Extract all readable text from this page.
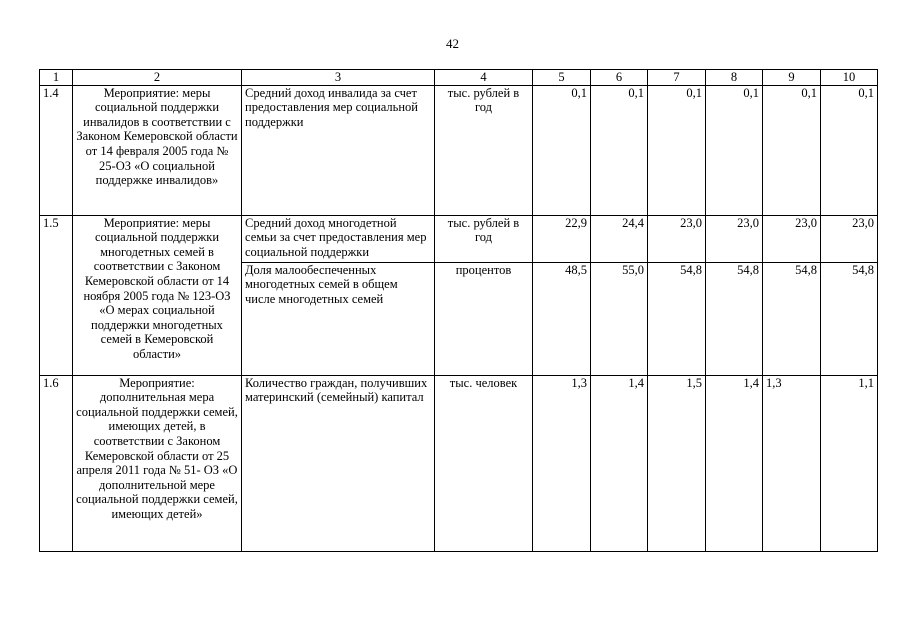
42
1	2	3	4	5	6	7	8	9	10
1.4	Мероприятие: меры социальной поддержки инвалидов в соответствии с Законом Кемеровской области от 14 февраля 2005 года № 25-ОЗ «О социальной поддержке инвалидов»	Средний доход инвалида за счет предоставления мер социальной поддержки	тыс. рублей в год	0,1	0,1	0,1	0,1	0,1	0,1
1.5	Мероприятие: меры социальной поддержки многодетных семей в соответствии с Законом Кемеровской области от 14 ноября 2005 года № 123-ОЗ «О мерах социальной поддержки многодетных семей в Кемеровской области»	Средний доход многодетной семьи за счет предоставления мер социальной поддержки	тыс. рублей в год	22,9	24,4	23,0	23,0	23,0	23,0
		Доля малообеспеченных многодетных семей в общем числе многодетных семей	процентов	48,5	55,0	54,8	54,8	54,8	54,8
1.6	Мероприятие: дополнительная мера социальной поддержки семей, имеющих детей, в соответствии с Законом Кемеровской области от 25 апреля 2011 года № 51- ОЗ «О дополнительной мере социальной поддержки семей, имеющих детей»	Количество граждан, получивших материнский (семейный) капитал	тыс. человек	1,3	1,4	1,5	1,4	1,3	1,1
